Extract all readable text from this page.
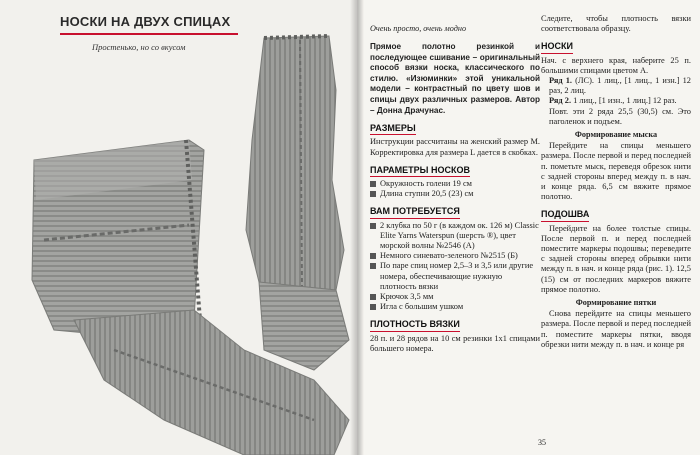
НОСКИ НА ДВУХ СПИЦАХ
Простенько, но со вкусом
Очень просто, очень модно
Прямое полотно резинкой и последующее сшивание – оригинальный способ вязки носка, классического по стилю. «Изюминки» этой уникальной модели – контрастный по цвету шов и спицы двух различных размеров. Автор – Донна Драчунас.
РАЗМЕРЫ
Инструкции рассчитаны на женский размер М. Корректировка для размера L дается в скобках.
ПАРАМЕТРЫ НОСКОВ
Окружность голени 19 см
Длина ступни 20,5 (23) см
ВАМ ПОТРЕБУЕТСЯ
2 клубка по 50 г (в каждом ок. 126 м) Classic Elite Yarns Waterspun (шерсть ®), цвет морской волны №2546 (А)
Немного синевато-зеленого №2515 (Б)
По паре спиц номер 2,5–3 и 3,5 или другие номера, обеспечивающие нужную плотность вязки
Крючок 3,5 мм
Игла с большим ушком
ПЛОТНОСТЬ ВЯЗКИ
28 п. и 28 рядов на 10 см резинки 1х1 спицами большего номера.
Следите, чтобы плотность вязки соответствовала образцу.
НОСКИ
Нач. с верхнего края, наберите 25 п. большими спицами цветом А.
Ряд 1. (ЛС). 1 лиц., [1 лиц., 1 изн.] 12 раз, 2 лиц.
Ряд 2. 1 лиц., [1 изн., 1 лиц.] 12 раз.
Повт. эти 2 ряда 25,5 (30,5) см. Это паголенок и подъем.
Формирование мыска
Перейдите на спицы меньшего размера. После первой и перед последней п. пометьте мыск, переведя обрезок нити с задней стороны вперед между п. в нач. и конце ряда. 6,5 см вяжите прямое полотно.
ПОДОШВА
Перейдите на более толстые спицы. После первой п. и перед последней поместите маркеры подошвы; переведите с задней стороны вперед обрывки нити между п. в нач. и конце ряда (рис. 1). 12,5 (15) см от последних маркеров вяжите прямое полотно.
Формирование пятки
Снова перейдите на спицы меньшего размера. После первой и перед последней п. поместите маркеры пятки, вводя обрезки нити между п. в нач. и конце ря
35
